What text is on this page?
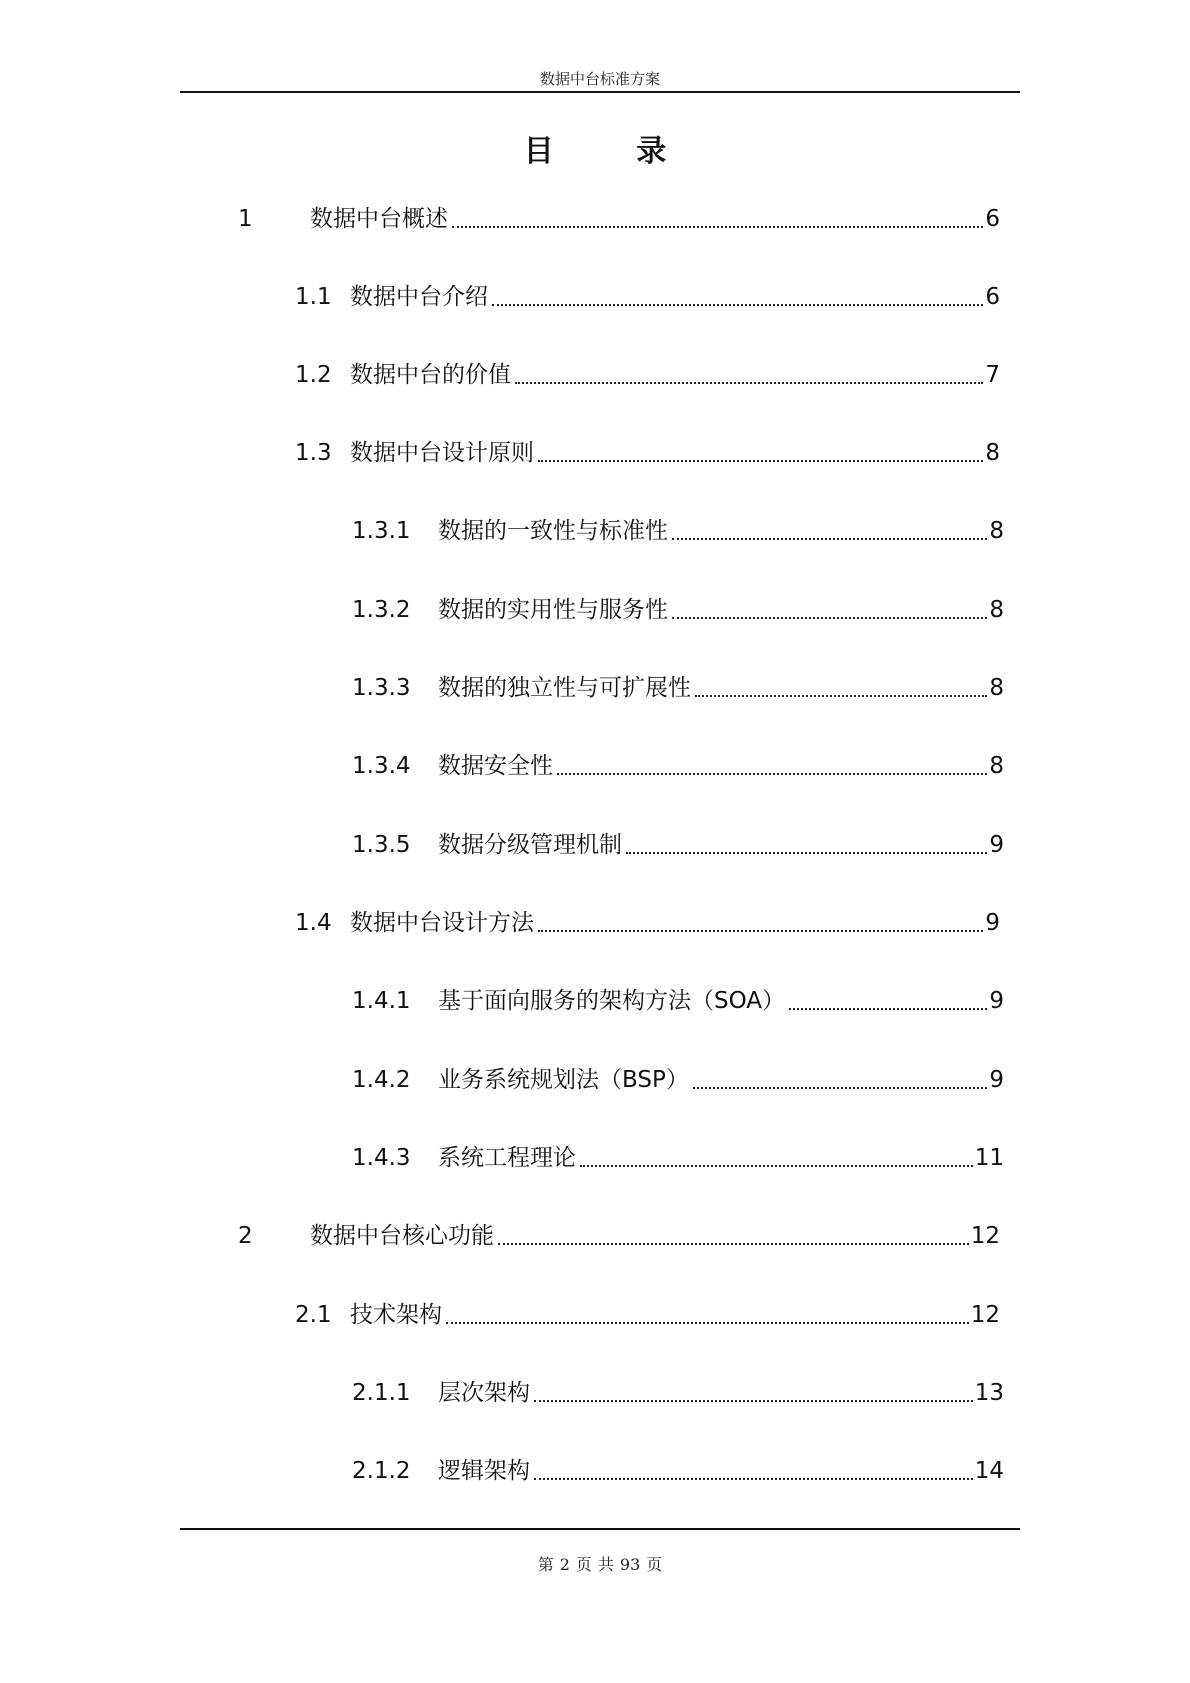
数据中台标准方案
目 录
1	数据中台概述	6
1.1 数据中台介绍	6
1.2 数据中台的价值	7
1.3 数据中台设计原则	8
1.3.1	数据的一致性与标准性	8
1.3.2	数据的实用性与服务性	8
1.3.3	数据的独立性与可扩展性	8
1.3.4	数据安全性	8
1.3.5	数据分级管理机制	9
1.4 数据中台设计方法	9
1.4.1	基于面向服务的架构方法（SOA）	9
1.4.2	业务系统规划法（BSP）	9
1.4.3	系统工程理论	11
2	数据中台核心功能	12
2.1 技术架构	12
2.1.1	层次架构	13
2.1.2	逻辑架构	14
第 2 页 共 93 页
